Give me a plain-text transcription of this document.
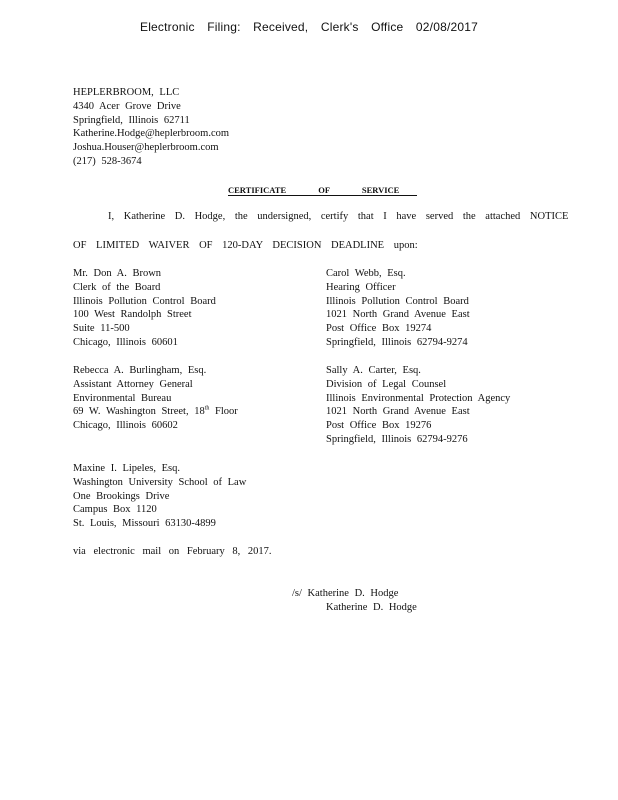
Electronic Filing: Received, Clerk's Office 02/08/2017
HEPLERBROOM, LLC
4340 Acer Grove Drive
Springfield, Illinois 62711
Katherine.Hodge@heplerbroom.com
Joshua.Houser@heplerbroom.com
(217) 528-3674
CERTIFICATE OF SERVICE
I, Katherine D. Hodge, the undersigned, certify that I have served the attached NOTICE
OF LIMITED WAIVER OF 120-DAY DECISION DEADLINE upon:
Mr. Don A. Brown
Clerk of the Board
Illinois Pollution Control Board
100 West Randolph Street
Suite 11-500
Chicago, Illinois 60601
Carol Webb, Esq.
Hearing Officer
Illinois Pollution Control Board
1021 North Grand Avenue East
Post Office Box 19274
Springfield, Illinois 62794-9274
Rebecca A. Burlingham, Esq.
Assistant Attorney General
Environmental Bureau
69 W. Washington Street, 18th Floor
Chicago, Illinois 60602
Sally A. Carter, Esq.
Division of Legal Counsel
Illinois Environmental Protection Agency
1021 North Grand Avenue East
Post Office Box 19276
Springfield, Illinois 62794-9276
Maxine I. Lipeles, Esq.
Washington University School of Law
One Brookings Drive
Campus Box 1120
St. Louis, Missouri 63130-4899
via electronic mail on February 8, 2017.
/s/ Katherine D. Hodge
Katherine D. Hodge
